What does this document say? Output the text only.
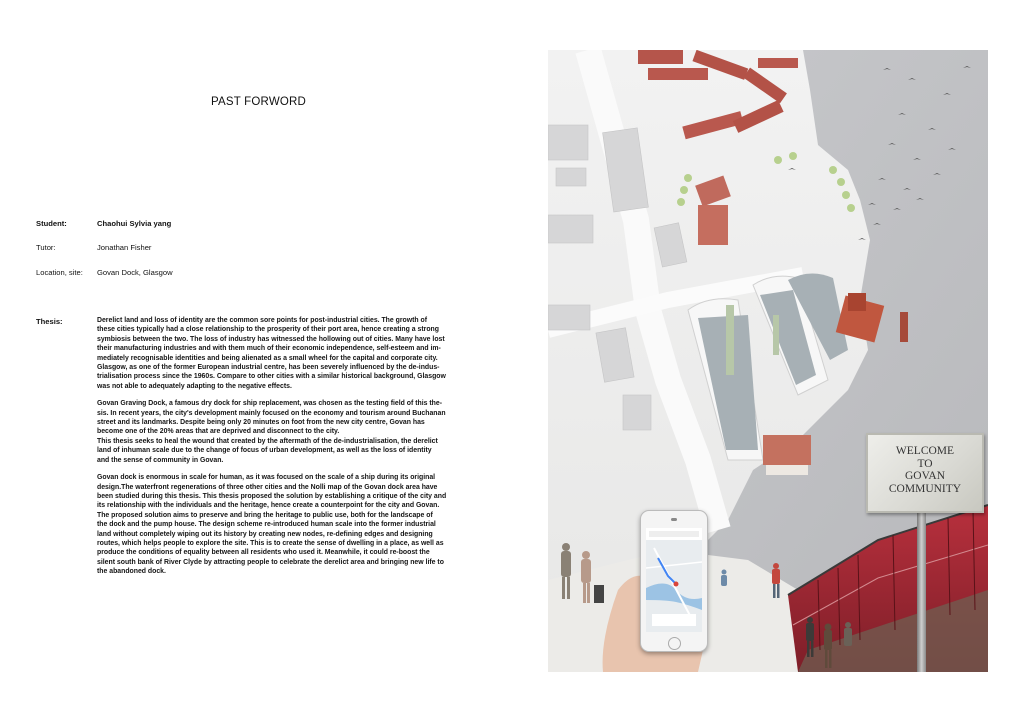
PAST FORWORD
Student:	Chaohui Sylvia yang
Tutor:	Jonathan Fisher
Location, site: Govan Dock, Glasgow
Thesis:	Derelict land and loss of identity are the common sore points for post-industrial cities. The growth of
these cities typically had a close relationship to the prosperity of their port area, hence creating a strong
symbiosis between the two. The loss of industry has witnessed the hollowing out of cities. Many have lost
their manufacturing industries and with them much of their economic independence, self-esteem and im-
mediately recognisable identities and being alienated as a small wheel for the capital and corporate city.
Glasgow, as one of the former European industrial centre, has been severely influenced by the de-indus-
trialisation process since the 1960s. Compare to other cities with a similar historical background, Glasgow
was not able to adequately adapting to the negative effects.

Govan Graving Dock, a famous dry dock for ship replacement, was chosen as the testing field of this the-
sis. In recent years, the city's development mainly focused on the economy and tourism around Buchanan
street and its landmarks. Despite being only 20 minutes on foot from the new city centre, Govan has
become one of the 20% areas that are deprived and disconnect to the city.
This thesis seeks to heal the wound that created by the aftermath of the de-industrialisation, the derelict
land of inhuman scale due to the change of focus of urban development, as well as the loss of identity
and the sense of community in Govan.

Govan dock is enormous in scale for human, as it was focused on the scale of a ship during its original
design.The waterfront regenerations of three other cities and the Nolli map of the Govan dock area have
been studied during this thesis. This thesis proposed the solution by establishing a critique of the city and
its relationship with the individuals and the heritage, hence create a counterpoint for the city and Govan.
The proposed solution aims to preserve and bring the heritage to public use, both for the landscape of
the dock and the pump house. The design scheme re-introduced human scale into the former industrial
land without completely wiping out its history by creating new nodes, re-defining edges and designing
routes, which helps people to explore the site. This is to create the sense of dwelling in a place, as well as
produce the conditions of equality between all residents who used it. Meanwhile, it could re-boost the
silent south bank of River Clyde by attracting people to celebrate the derelict area and bringing new life to
the abandoned dock.

WELCOME
TO
GOVAN
COMMUNITY
